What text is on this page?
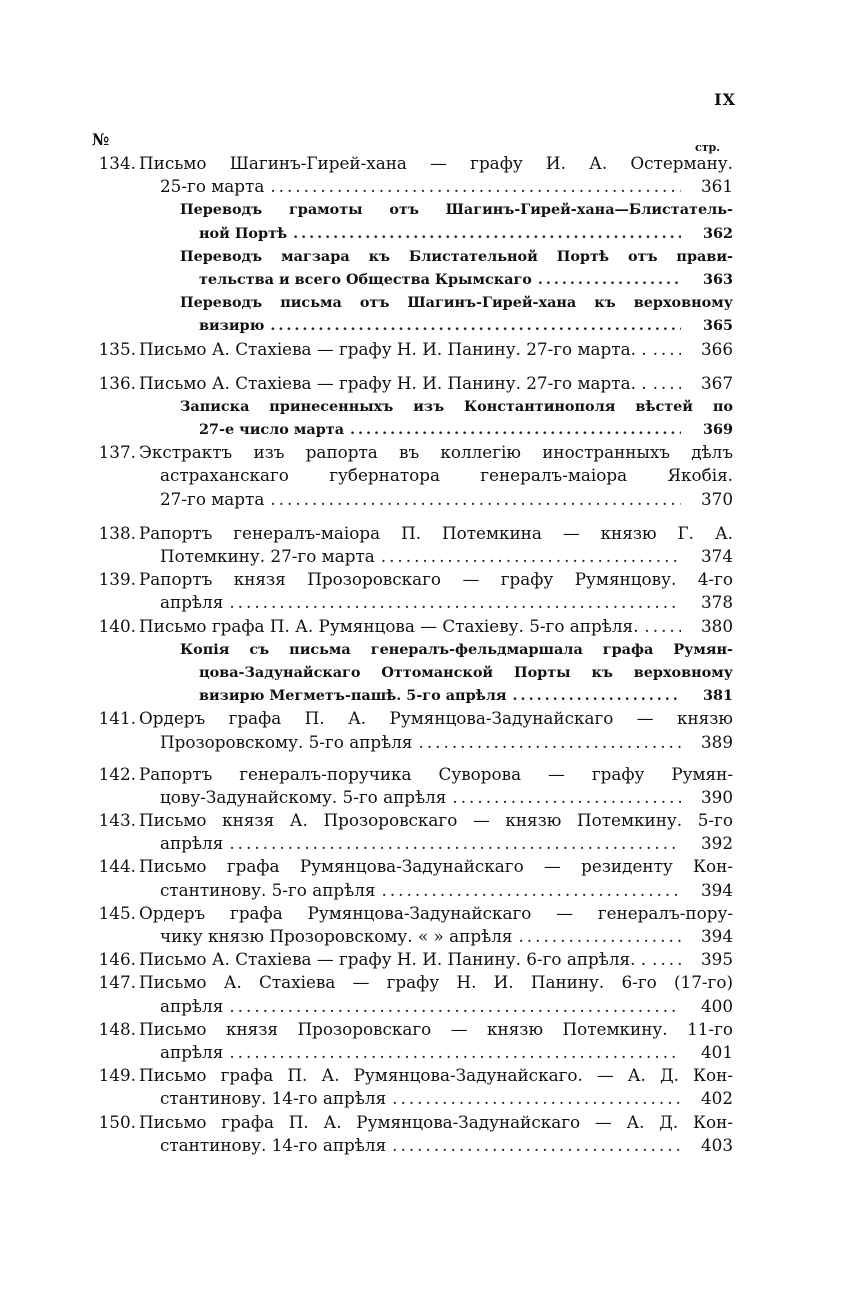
IX
№	стр.
134. Письмо Шагинъ-Гирей-хана — графу И. А. Остерману.
25-го марта .....	361
Переводъ грамоты отъ Шагинъ-Гирей-хана—Блистатель-
ной Портѣ .....	362
Переводъ магзара къ Блистательной Портѣ отъ прави-
тельства и всего Общества Крымскаго .....	363
Переводъ письма отъ Шагинъ-Гирей-хана къ верховному
визирю .....	365
135. Письмо А. Стахіева — графу Н. И. Панину. 27-го марта. . .....	366
136. Письмо А. Стахіева — графу Н. И. Панину. 27-го марта. . .....	367
Записка принесенныхъ изъ Константинополя вѣстей по
27-е число марта .....	369
137. Экстрактъ изъ рапорта въ коллегію иностранныхъ дѣлъ
астраханскаго губернатора генералъ-маіора Якобія.
27-го марта .....	370
138. Рапортъ генералъ-маіора П. Потемкина — князю Г. А.
Потемкину. 27-го марта .....	374
139. Рапортъ князя Прозоровскаго — графу Румянцову. 4-го
апрѣля .....	378
140. Письмо графа П. А. Румянцова — Стахіеву. 5-го апрѣля. .....	380
Копія съ письма генералъ-фельдмаршала графа Румян-
цова-Задунайскаго Оттоманской Порты къ верховному
визирю Мегметъ-пашѣ. 5-го апрѣля .....	381
141. Ордеръ графа П. А. Румянцова-Задунайскаго — князю
Прозоровскому. 5-го апрѣля .....	389
142. Рапортъ генералъ-поручика Суворова — графу Румян-
цову-Задунайскому. 5-го апрѣля .....	390
143. Письмо князя А. Прозоровскаго — князю Потемкину. 5-го
апрѣля .....	392
144. Письмо графа Румянцова-Задунайскаго — резиденту Кон-
стантинову. 5-го апрѣля .....	394
145. Ордеръ графа Румянцова-Задунайскаго — генералъ-пору-
чику князю Прозоровскому. « » апрѣля .....	394
146. Письмо А. Стахіева — графу Н. И. Панину. 6-го апрѣля. . .....	395
147. Письмо А. Стахіева — графу Н. И. Панину. 6-го (17-го)
апрѣля .....	400
148. Письмо князя Прозоровскаго — князю Потемкину. 11-го
апрѣля .....	401
149. Письмо графа П. А. Румянцова-Задунайскаго. — А. Д. Кон-
стантинову. 14-го апрѣля .....	402
150. Письмо графа П. А. Румянцова-Задунайскаго — А. Д. Кон-
стантинову. 14-го апрѣля .....	403
